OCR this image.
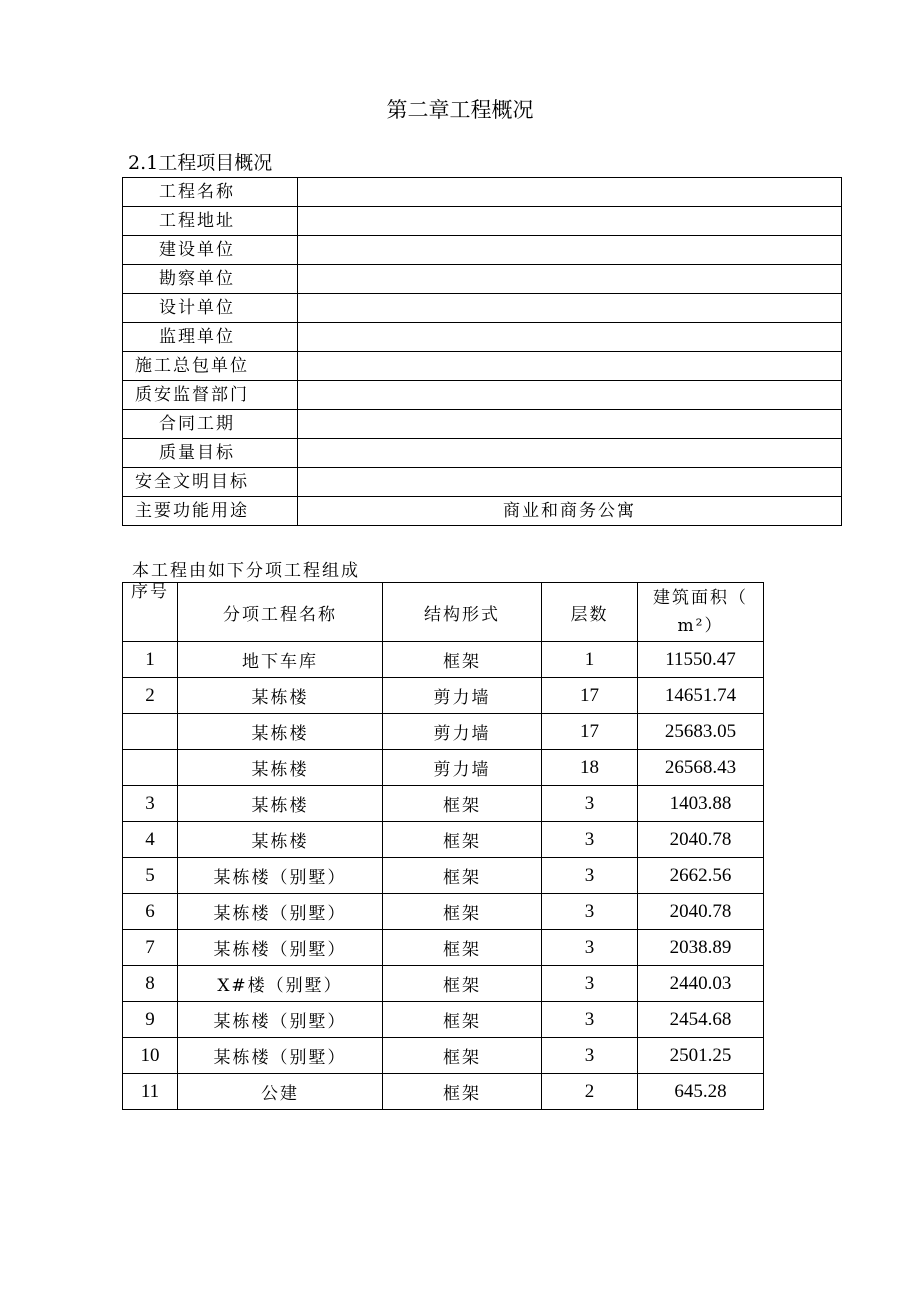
第二章工程概况
2.1工程项目概况
工程名称	
工程地址	
建设单位	
勘察单位	
设计单位	
监理单位	
施工总包单位	
质安监督部门	
合同工期	
质量目标	
安全文明目标	
主要功能用途	商业和商务公寓
本工程由如下分项工程组成
序号	分项工程名称	结构形式	层数	建筑面积（
m²）
1	地下车库	框架	1	11550.47
2	某栋楼	剪力墙	17	14651.74
	某栋楼	剪力墙	17	25683.05
	某栋楼	剪力墙	18	26568.43
3	某栋楼	框架	3	1403.88
4	某栋楼	框架	3	2040.78
5	某栋楼（别墅）	框架	3	2662.56
6	某栋楼（别墅）	框架	3	2040.78
7	某栋楼（别墅）	框架	3	2038.89
8	X#楼（别墅）	框架	3	2440.03
9	某栋楼（别墅）	框架	3	2454.68
10	某栋楼（别墅）	框架	3	2501.25
11	公建	框架	2	645.28
